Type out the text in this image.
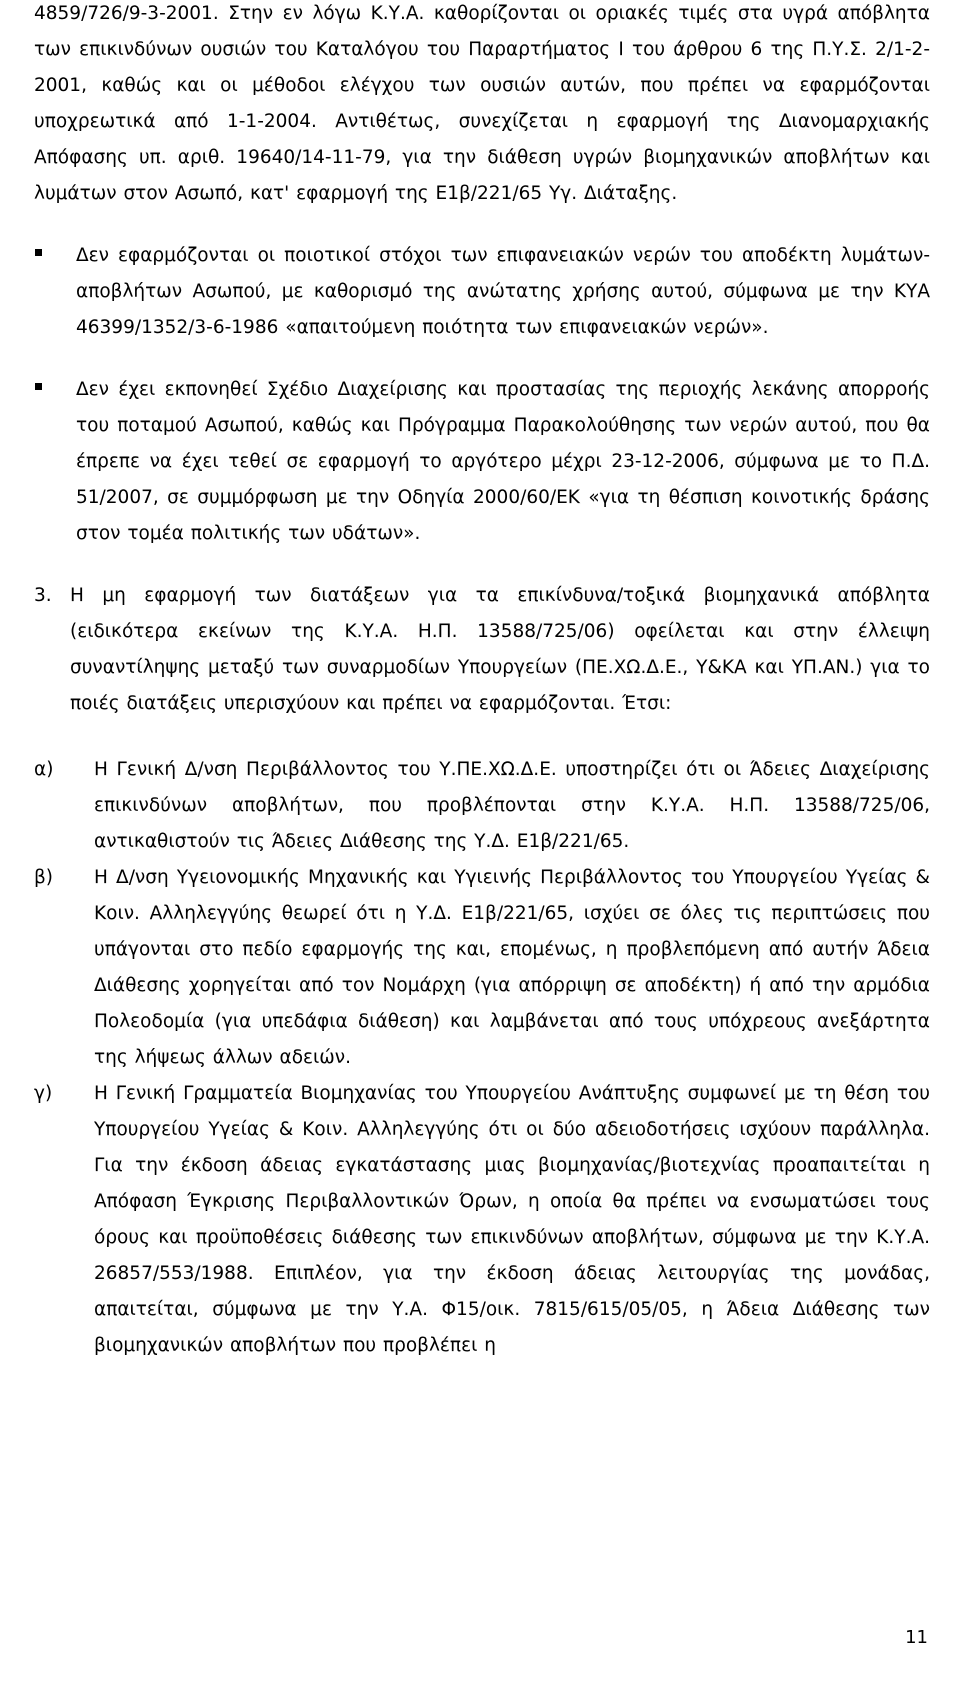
4859/726/9-3-2001. Στην εν λόγω Κ.Υ.Α. καθορίζονται οι οριακές τιμές στα υγρά απόβλητα των επικινδύνων ουσιών του Καταλόγου του Παραρτήματος Ι του άρθρου 6 της Π.Υ.Σ. 2/1-2-2001, καθώς και οι μέθοδοι ελέγχου των ουσιών αυτών, που πρέπει να εφαρμόζονται υποχρεωτικά από 1-1-2004. Αντιθέτως, συνεχίζεται η εφαρμογή της Διανομαρχιακής Απόφασης υπ. αριθ. 19640/14-11-79, για την διάθεση υγρών βιομηχανικών αποβλήτων και λυμάτων στον Ασωπό, κατ' εφαρμογή της Ε1β/221/65 Υγ. Διάταξης.

Δεν εφαρμόζονται οι ποιοτικοί στόχοι των επιφανειακών νερών του αποδέκτη λυμάτων-αποβλήτων Ασωπού, με καθορισμό της ανώτατης χρήσης αυτού, σύμφωνα με την ΚΥΑ 46399/1352/3-6-1986 «απαιτούμενη ποιότητα των επιφανειακών νερών».

Δεν έχει εκπονηθεί Σχέδιο Διαχείρισης και προστασίας της περιοχής λεκάνης απορροής του ποταμού Ασωπού, καθώς και Πρόγραμμα Παρακολούθησης των νερών αυτού, που θα έπρεπε να έχει τεθεί σε εφαρμογή το αργότερο μέχρι 23-12-2006, σύμφωνα με το Π.Δ. 51/2007, σε συμμόρφωση με την Οδηγία 2000/60/ΕΚ «για τη θέσπιση κοινοτικής δράσης στον τομέα πολιτικής των υδάτων».

3. Η μη εφαρμογή των διατάξεων για τα επικίνδυνα/τοξικά βιομηχανικά απόβλητα (ειδικότερα εκείνων της Κ.Υ.Α. Η.Π. 13588/725/06) οφείλεται και στην έλλειψη συναντίληψης μεταξύ των συναρμοδίων Υπουργείων (ΠΕ.ΧΩ.Δ.Ε., Υ&ΚΑ και ΥΠ.ΑΝ.) για το ποιές διατάξεις υπερισχύουν και πρέπει να εφαρμόζονται. Έτσι:

α)	Η Γενική Δ/νση Περιβάλλοντος του Υ.ΠΕ.ΧΩ.Δ.Ε. υποστηρίζει ότι οι Άδειες Διαχείρισης επικινδύνων αποβλήτων, που προβλέπονται στην Κ.Υ.Α. Η.Π. 13588/725/06, αντικαθιστούν τις Άδειες Διάθεσης της Υ.Δ. Ε1β/221/65.

β)	Η Δ/νση Υγειονομικής Μηχανικής και Υγιεινής Περιβάλλοντος του Υπουργείου Υγείας & Κοιν. Αλληλεγγύης θεωρεί ότι η Υ.Δ. Ε1β/221/65, ισχύει σε όλες τις περιπτώσεις που υπάγονται στο πεδίο εφαρμογής της και, επομένως, η προβλεπόμενη από αυτήν Άδεια Διάθεσης χορηγείται από τον Νομάρχη (για απόρριψη σε αποδέκτη) ή από την αρμόδια Πολεοδομία (για υπεδάφια διάθεση) και λαμβάνεται από τους υπόχρεους ανεξάρτητα της λήψεως άλλων αδειών.

γ)	Η Γενική Γραμματεία Βιομηχανίας του Υπουργείου Ανάπτυξης συμφωνεί με τη θέση του Υπουργείου Υγείας & Κοιν. Αλληλεγγύης ότι οι δύο αδειοδοτήσεις ισχύουν παράλληλα. Για την έκδοση άδειας εγκατάστασης μιας βιομηχανίας/βιοτεχνίας προαπαιτείται η Απόφαση Έγκρισης Περιβαλλοντικών Όρων, η οποία θα πρέπει να ενσωματώσει τους όρους και προϋποθέσεις διάθεσης των επικινδύνων αποβλήτων, σύμφωνα με την Κ.Υ.Α. 26857/553/1988. Επιπλέον, για την έκδοση άδειας λειτουργίας της μονάδας, απαιτείται, σύμφωνα με την Υ.Α. Φ15/οικ. 7815/615/05/05, η Άδεια Διάθεσης των βιομηχανικών αποβλήτων που προβλέπει η

11
